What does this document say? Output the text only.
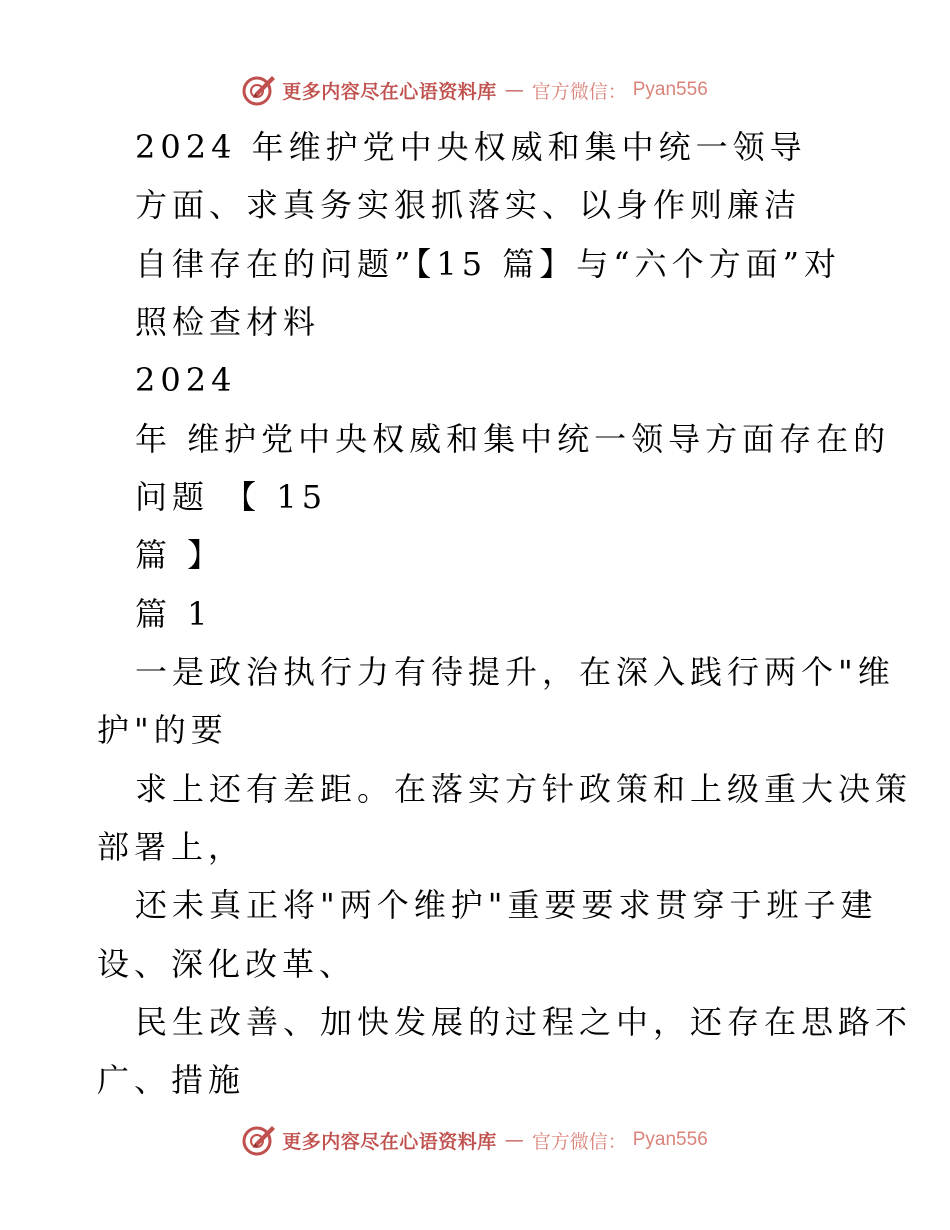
更多内容尽在心语资料库 — 官方微信： Pyan556
2024 年维护党中央权威和集中统一领导
方面、求真务实狠抓落实、以身作则廉洁
自律存在的问题”【15 篇】与“六个方面”对
照检查材料
2024
年 维护党中央权威和集中统一领导方面存在的
问题 【 15
篇 】
篇 1
一是政治执行力有待提升，在深入践行两个"维
护"的要
求上还有差距。在落实方针政策和上级重大决策
部署上，
还未真正将"两个维护"重要要求贯穿于班子建
设、深化改革、
民生改善、加快发展的过程之中，还存在思路不
广、措施
更多内容尽在心语资料库 — 官方微信： Pyan556
